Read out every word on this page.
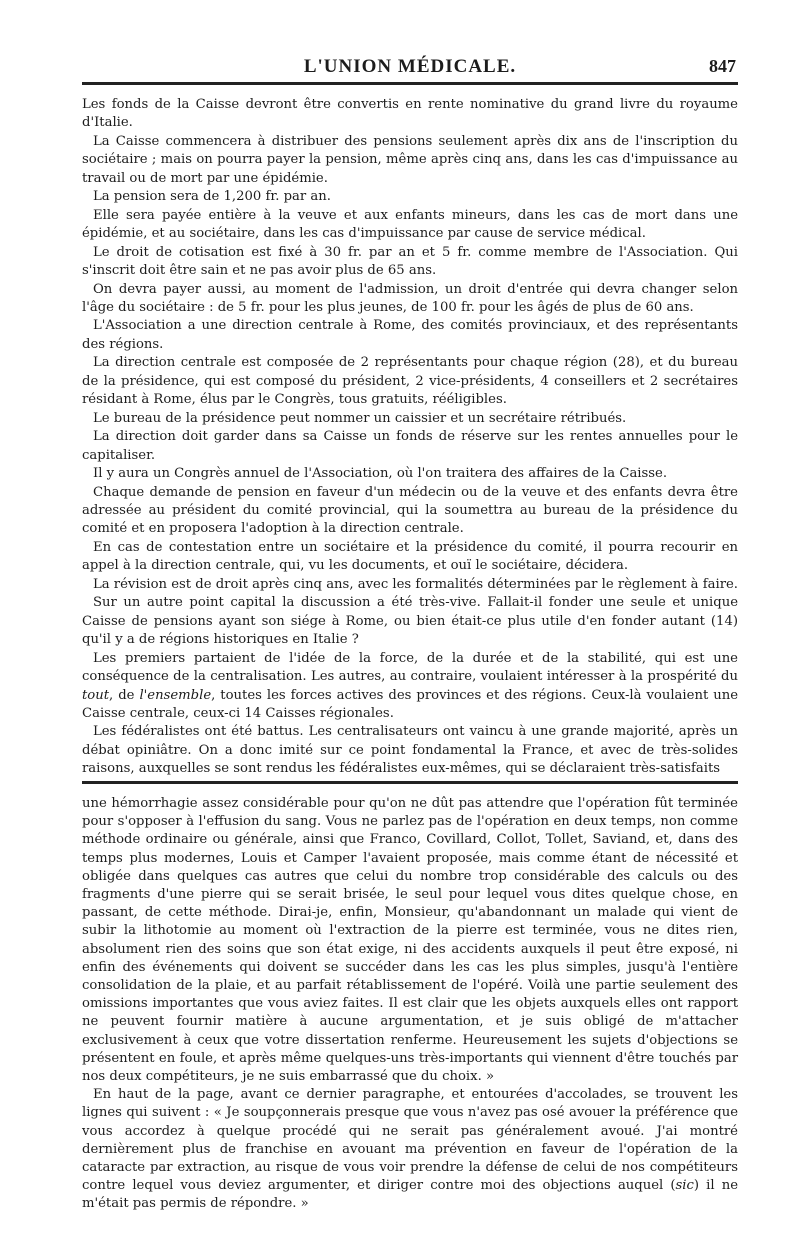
L'UNION MÉDICALE.	847

Les fonds de la Caisse devront être convertis en rente nominative du grand livre du royaume d'Italie.

La Caisse commencera à distribuer des pensions seulement après dix ans de l'inscription du sociétaire ; mais on pourra payer la pension, même après cinq ans, dans les cas d'impuissance au travail ou de mort par une épidémie.

La pension sera de 1,200 fr. par an.

Elle sera payée entière à la veuve et aux enfants mineurs, dans les cas de mort dans une épidémie, et au sociétaire, dans les cas d'impuissance par cause de service médical.

Le droit de cotisation est fixé à 30 fr. par an et 5 fr. comme membre de l'Association. Qui s'inscrit doit être sain et ne pas avoir plus de 65 ans.

On devra payer aussi, au moment de l'admission, un droit d'entrée qui devra changer selon l'âge du sociétaire : de 5 fr. pour les plus jeunes, de 100 fr. pour les âgés de plus de 60 ans.

L'Association a une direction centrale à Rome, des comités provinciaux, et des représentants des régions.

La direction centrale est composée de 2 représentants pour chaque région (28), et du bureau de la présidence, qui est composé du président, 2 vice-présidents, 4 conseillers et 2 secrétaires résidant à Rome, élus par le Congrès, tous gratuits, rééligibles.

Le bureau de la présidence peut nommer un caissier et un secrétaire rétribués.

La direction doit garder dans sa Caisse un fonds de réserve sur les rentes annuelles pour le capitaliser.

Il y aura un Congrès annuel de l'Association, où l'on traitera des affaires de la Caisse.

Chaque demande de pension en faveur d'un médecin ou de la veuve et des enfants devra être adressée au président du comité provincial, qui la soumettra au bureau de la présidence du comité et en proposera l'adoption à la direction centrale.

En cas de contestation entre un sociétaire et la présidence du comité, il pourra recourir en appel à la direction centrale, qui, vu les documents, et ouï le sociétaire, décidera.

La révision est de droit après cinq ans, avec les formalités déterminées par le règlement à faire.

Sur un autre point capital la discussion a été très-vive. Fallait-il fonder une seule et unique Caisse de pensions ayant son siége à Rome, ou bien était-ce plus utile d'en fonder autant (14) qu'il y a de régions historiques en Italie ?

Les premiers partaient de l'idée de la force, de la durée et de la stabilité, qui est une conséquence de la centralisation. Les autres, au contraire, voulaient intéresser à la prospérité du tout, de l'ensemble, toutes les forces actives des provinces et des régions. Ceux-là voulaient une Caisse centrale, ceux-ci 14 Caisses régionales.

Les fédéralistes ont été battus. Les centralisateurs ont vaincu à une grande majorité, après un débat opiniâtre. On a donc imité sur ce point fondamental la France, et avec de très-solides raisons, auxquelles se sont rendus les fédéralistes eux-mêmes, qui se déclaraient très-satisfaits

une hémorrhagie assez considérable pour qu'on ne dût pas attendre que l'opération fût terminée pour s'opposer à l'effusion du sang. Vous ne parlez pas de l'opération en deux temps, non comme méthode ordinaire ou générale, ainsi que Franco, Covillard, Collot, Tollet, Saviand, et, dans des temps plus modernes, Louis et Camper l'avaient proposée, mais comme étant de nécessité et obligée dans quelques cas autres que celui du nombre trop considérable des calculs ou des fragments d'une pierre qui se serait brisée, le seul pour lequel vous dites quelque chose, en passant, de cette méthode. Dirai-je, enfin, Monsieur, qu'abandonnant un malade qui vient de subir la lithotomie au moment où l'extraction de la pierre est terminée, vous ne dites rien, absolument rien des soins que son état exige, ni des accidents auxquels il peut être exposé, ni enfin des événements qui doivent se succéder dans les cas les plus simples, jusqu'à l'entière consolidation de la plaie, et au parfait rétablissement de l'opéré. Voilà une partie seulement des omissions importantes que vous aviez faites. Il est clair que les objets auxquels elles ont rapport ne peuvent fournir matière à aucune argumentation, et je suis obligé de m'attacher exclusivement à ceux que votre dissertation renferme. Heureusement les sujets d'objections se présentent en foule, et après même quelques-uns très-importants qui viennent d'être touchés par nos deux compétiteurs, je ne suis embarrassé que du choix. »

En haut de la page, avant ce dernier paragraphe, et entourées d'accolades, se trouvent les lignes qui suivent : « Je soupçonnerais presque que vous n'avez pas osé avouer la préférence que vous accordez à quelque procédé qui ne serait pas généralement avoué. J'ai montré dernièrement plus de franchise en avouant ma prévention en faveur de l'opération de la cataracte par extraction, au risque de vous voir prendre la défense de celui de nos compétiteurs contre lequel vous deviez argumenter, et diriger contre moi des objections auquel (sic) il ne m'était pas permis de répondre. »
